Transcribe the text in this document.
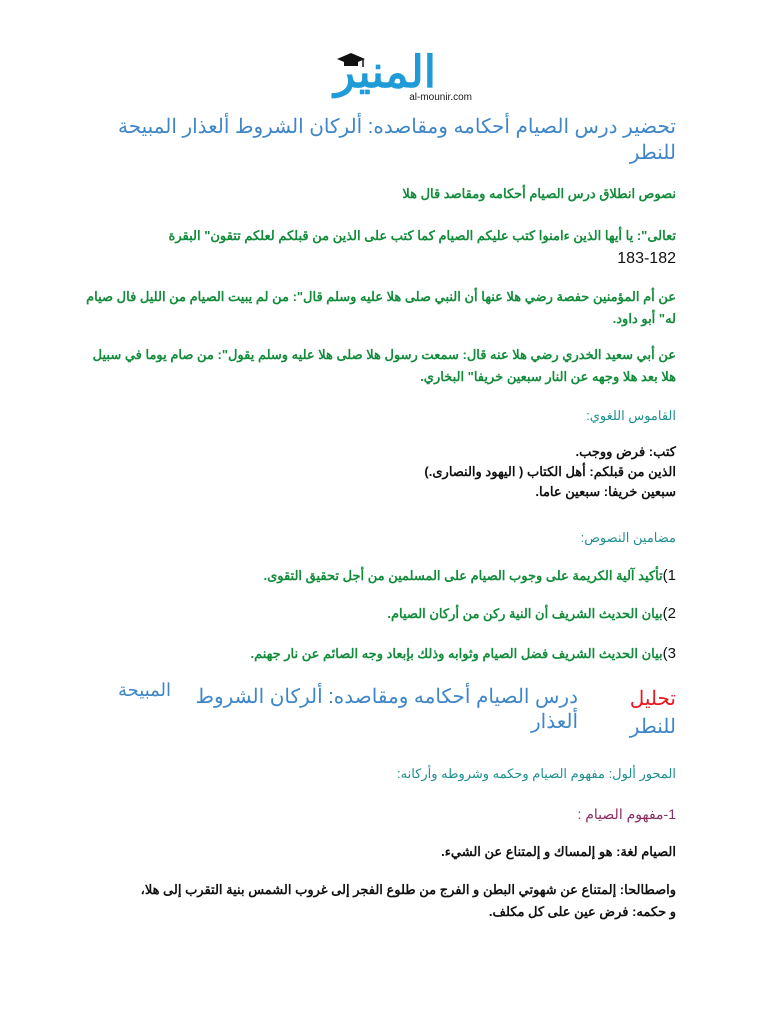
المنير
al-mounir.com
تحضير درس الصيام أحكامه ومقاصده: ألركان الشروط ألعذار المبيحة للنطر
نصوص انطلاق درس الصيام أحكامه ومقاصد قال هلا
تعالى": يا أيها الذين ءامنوا كتب عليكم الصيام كما كتب على الذين من قبلكم لعلكم تتقون" البقرة
183-182
عن أم المؤمنين حفصة رضي هلا عنها أن النبي صلى هلا عليه وسلم قال": من لم يبيت الصيام من الليل فال صيام له" أبو داود.
عن أبي سعيد الخدري رضي هلا عنه قال: سمعت رسول هلا صلى هلا عليه وسلم يقول": من صام يوما في سبيل هلا بعد هلا وجهه عن النار سبعين خريفا" البخاري.
القاموس اللغوي:
كتب: فرض ووجب.
الذين من قبلكم: أهل الكتاب ( اليهود والنصارى.)
سبعين خريفا: سبعين عاما.
مضامين النصوص:
1)تأكيد آلية الكريمة على وجوب الصيام على المسلمين من أجل تحقيق التقوى.
2)بيان الحديث الشريف أن النية ركن من أركان الصيام.
3)بيان الحديث الشريف فضل الصيام وثوابه وذلك بإبعاد وجه الصائم عن نار جهنم.
تحليل
درس الصيام أحكامه ومقاصده: ألركان الشروط ألعذار
المبيحة
للنطر
المحور ألول: مفهوم الصيام وحكمه وشروطه وأركانه:
1-مفهوم الصيام :
الصيام لغة: هو إلمساك و إلمتناع عن الشيء.
واصطالحا: إلمتناع عن شهوتي البطن و الفرج من طلوع الفجر إلى غروب الشمس بنية التقرب إلى هلا،
و حكمه: فرض عين على كل مكلف.
